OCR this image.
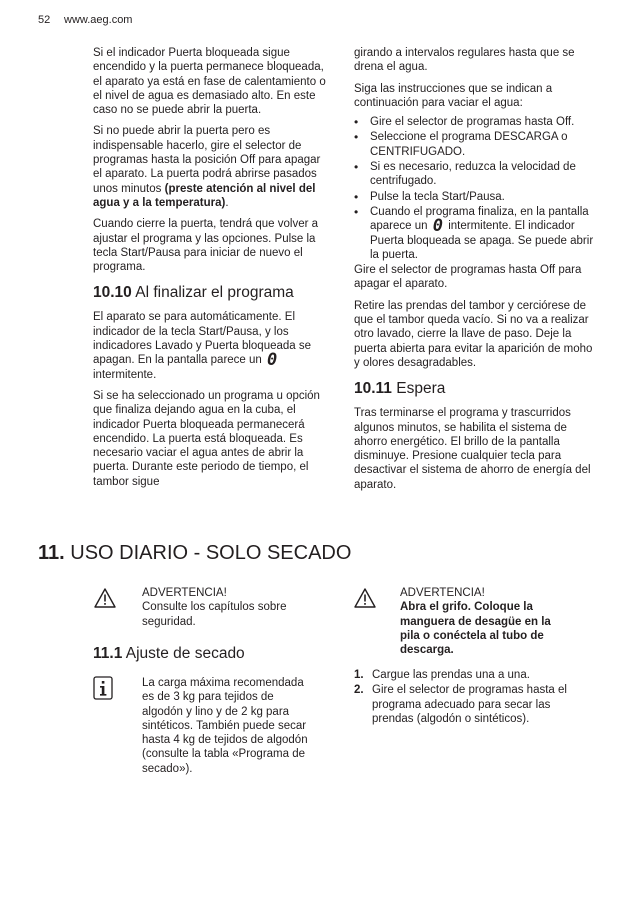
52 www.aeg.com

Si el indicador Puerta bloqueada sigue encendido y la puerta permanece bloqueada, el aparato ya está en fase de calentamiento o el nivel de agua es demasiado alto. En este caso no se puede abrir la puerta.

Si no puede abrir la puerta pero es indispensable hacerlo, gire el selector de programas hasta la posición Off para apagar el aparato. La puerta podrá abrirse pasados unos minutos (preste atención al nivel del agua y a la temperatura).

Cuando cierre la puerta, tendrá que volver a ajustar el programa y las opciones. Pulse la tecla Start/Pausa para iniciar de nuevo el programa.

10.10 Al finalizar el programa

El aparato se para automáticamente. El indicador de la tecla Start/Pausa, y los indicadores Lavado y Puerta bloqueada se apagan. En la pantalla parece un 0 intermitente.

Si se ha seleccionado un programa u opción que finaliza dejando agua en la cuba, el indicador Puerta bloqueada permanecerá encendido. La puerta está bloqueada. Es necesario vaciar el agua antes de abrir la puerta. Durante este periodo de tiempo, el tambor sigue

girando a intervalos regulares hasta que se drena el agua.

Siga las instrucciones que se indican a continuación para vaciar el agua:

• Gire el selector de programas hasta Off.
• Seleccione el programa DESCARGA o CENTRIFUGADO.
• Si es necesario, reduzca la velocidad de centrifugado.
• Pulse la tecla Start/Pausa.
• Cuando el programa finaliza, en la pantalla aparece un 0 intermitente. El indicador Puerta bloqueada se apaga. Se puede abrir la puerta.

Gire el selector de programas hasta Off para apagar el aparato.

Retire las prendas del tambor y cerciórese de que el tambor queda vacío. Si no va a realizar otro lavado, cierre la llave de paso. Deje la puerta abierta para evitar la aparición de moho y olores desagradables.

10.11 Espera

Tras terminarse el programa y trascurridos algunos minutos, se habilita el sistema de ahorro energético. El brillo de la pantalla disminuye. Presione cualquier tecla para desactivar el sistema de ahorro de energía del aparato.

11. USO DIARIO - SOLO SECADO
ADVERTENCIA!
Consulte los capítulos sobre seguridad.
ADVERTENCIA!
Abra el grifo. Coloque la manguera de desagüe en la pila o conéctela al tubo de descarga.
11.1 Ajuste de secado
La carga máxima recomendada es de 3 kg para tejidos de algodón y lino y de 2 kg para sintéticos. También puede secar hasta 4 kg de tejidos de algodón (consulte la tabla «Programa de secado»).
1. Cargue las prendas una a una.
2. Gire el selector de programas hasta el programa adecuado para secar las prendas (algodón o sintéticos).
